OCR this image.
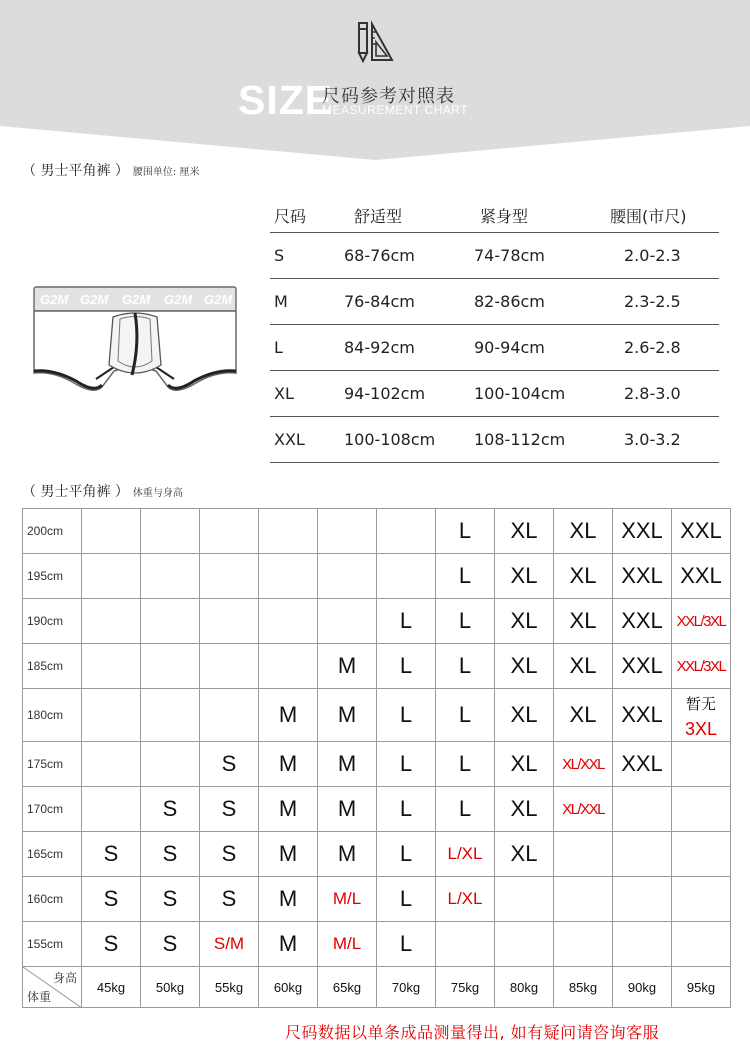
SIZE
尺码参考对照表
MEASUREMENT CHART
（ 男士平角裤 ） 腰围单位: 厘米
G2M G2M G2M G2M G2M
尺码	舒适型	紧身型	腰围(市尺)
S	68-76cm	74-78cm	2.0-2.3
M	76-84cm	82-86cm	2.3-2.5
L	84-92cm	90-94cm	2.6-2.8
XL	94-102cm	100-104cm	2.8-3.0
XXL 100-108cm 108-112cm	3.0-3.2
（ 男士平角裤 ） 体重与身高
200cm							L	XL	XL	XXL	XXL
195cm							L	XL	XL	XXL	XXL
190cm						L	L	XL	XL	XXL	XXL/3XL
185cm					M	L	L	XL	XL	XXL	XXL/3XL
180cm				M	M	L	L	XL	XL	XXL	暂无3XL
175cm			S	M	M	L	L	XL	XL/XXL	XXL	
170cm		S	S	M	M	L	L	XL	XL/XXL		
165cm	S	S	S	M	M	L	L/XL	XL			
160cm	S	S	S	M	M/L	L	L/XL				
155cm	S	S	S/M	M	M/L	L					

身高
体重	45kg	50kg	55kg	60kg	65kg	70kg	75kg	80kg	85kg	90kg	95kg
尺码数据以单条成品测量得出, 如有疑问请咨询客服
